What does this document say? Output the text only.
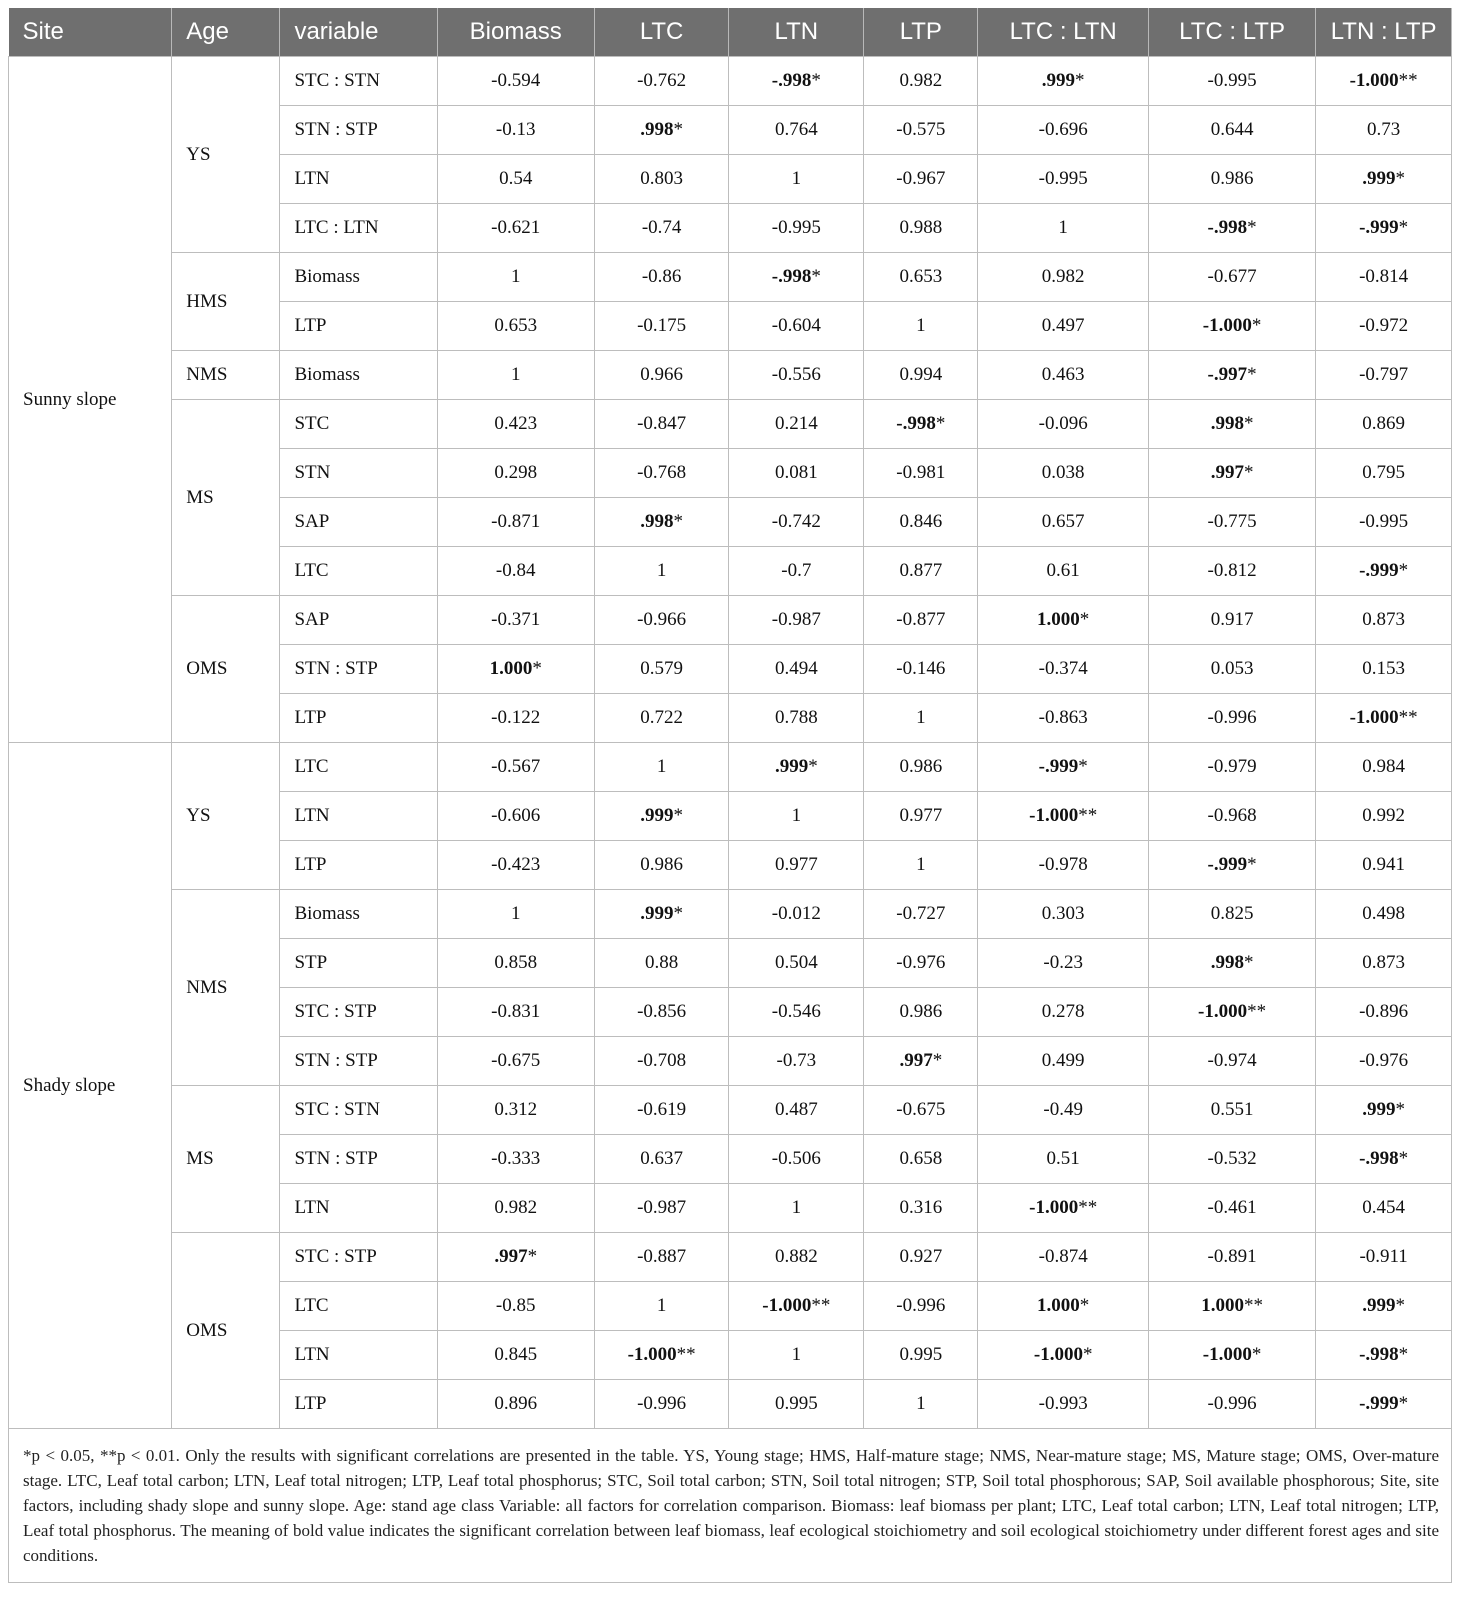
Site	Age	variable	Biomass	LTC	LTN	LTP	LTC : LTN	LTC : LTP	LTN : LTP
Sunny slope	YS	STC : STN	-0.594	-0.762	-.998*	0.982	.999*	-0.995	-1.000**
		STN : STP	-0.13	.998*	0.764	-0.575	-0.696	0.644	0.73
		LTN	0.54	0.803	1	-0.967	-0.995	0.986	.999*
		LTC : LTN	-0.621	-0.74	-0.995	0.988	1	-.998*	-.999*
	HMS	Biomass	1	-0.86	-.998*	0.653	0.982	-0.677	-0.814
		LTP	0.653	-0.175	-0.604	1	0.497	-1.000*	-0.972
	NMS	Biomass	1	0.966	-0.556	0.994	0.463	-.997*	-0.797
	MS	STC	0.423	-0.847	0.214	-.998*	-0.096	.998*	0.869
		STN	0.298	-0.768	0.081	-0.981	0.038	.997*	0.795
		SAP	-0.871	.998*	-0.742	0.846	0.657	-0.775	-0.995
		LTC	-0.84	1	-0.7	0.877	0.61	-0.812	-.999*
	OMS	SAP	-0.371	-0.966	-0.987	-0.877	1.000*	0.917	0.873
		STN : STP	1.000*	0.579	0.494	-0.146	-0.374	0.053	0.153
		LTP	-0.122	0.722	0.788	1	-0.863	-0.996	-1.000**
Shady slope	YS	LTC	-0.567	1	.999*	0.986	-.999*	-0.979	0.984
		LTN	-0.606	.999*	1	0.977	-1.000**	-0.968	0.992
		LTP	-0.423	0.986	0.977	1	-0.978	-.999*	0.941
	NMS	Biomass	1	.999*	-0.012	-0.727	0.303	0.825	0.498
		STP	0.858	0.88	0.504	-0.976	-0.23	.998*	0.873
		STC : STP	-0.831	-0.856	-0.546	0.986	0.278	-1.000**	-0.896
		STN : STP	-0.675	-0.708	-0.73	.997*	0.499	-0.974	-0.976
	MS	STC : STN	0.312	-0.619	0.487	-0.675	-0.49	0.551	.999*
		STN : STP	-0.333	0.637	-0.506	0.658	0.51	-0.532	-.998*
		LTN	0.982	-0.987	1	0.316	-1.000**	-0.461	0.454
	OMS	STC : STP	.997*	-0.887	0.882	0.927	-0.874	-0.891	-0.911
		LTC	-0.85	1	-1.000**	-0.996	1.000*	1.000**	.999*
		LTN	0.845	-1.000**	1	0.995	-1.000*	-1.000*	-.998*
		LTP	0.896	-0.996	0.995	1	-0.993	-0.996	-.999*

*p < 0.05, **p < 0.01. Only the results with significant correlations are presented in the table. YS, Young stage; HMS, Half-mature stage; NMS, Near-mature stage; MS, Mature stage; OMS, Over-mature stage. LTC, Leaf total carbon; LTN, Leaf total nitrogen; LTP, Leaf total phosphorus; STC, Soil total carbon; STN, Soil total nitrogen; STP, Soil total phosphorous; SAP, Soil available phosphorous; Site, site factors, including shady slope and sunny slope. Age: stand age class Variable: all factors for correlation comparison. Biomass: leaf biomass per plant; LTC, Leaf total carbon; LTN, Leaf total nitrogen; LTP, Leaf total phosphorus. The meaning of bold value indicates the significant correlation between leaf biomass, leaf ecological stoichiometry and soil ecological stoichiometry under different forest ages and site conditions.
